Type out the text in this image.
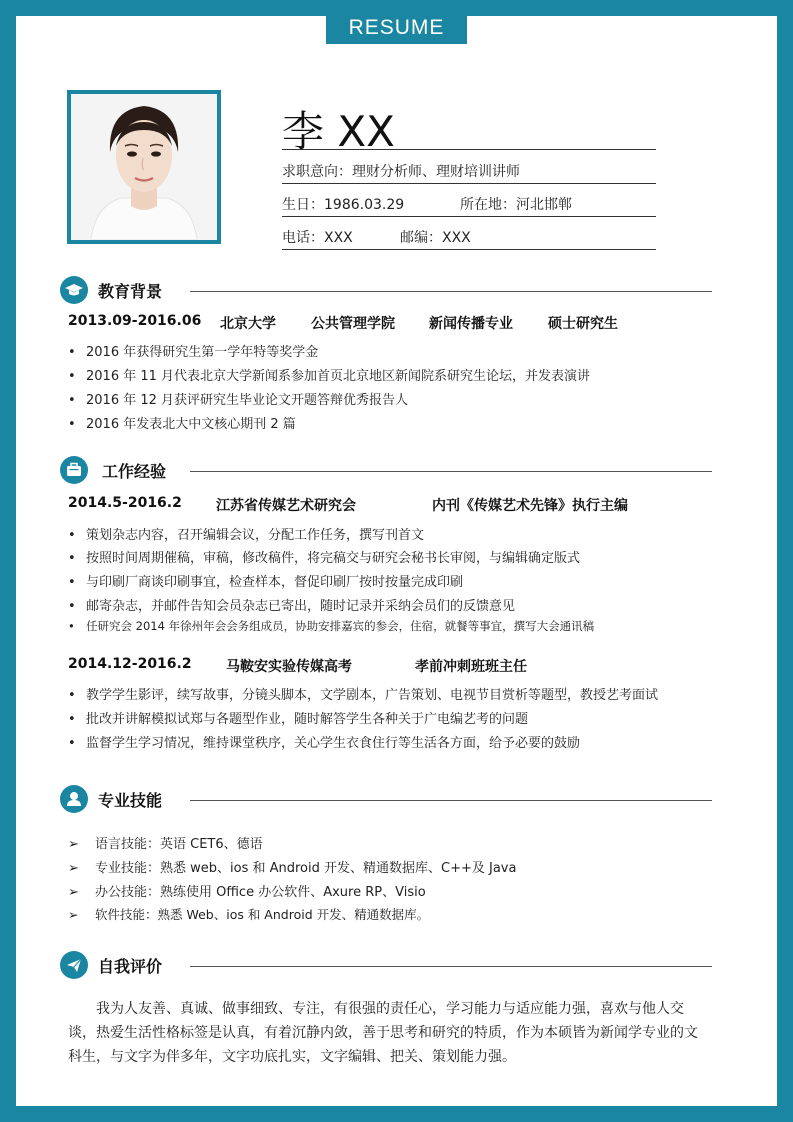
RESUME
李 XX
求职意向：理财分析师、理财培训讲师
生日：1986.03.29	所在地：河北邯郸
电话：XXX	邮编：XXX
教育背景
2013.09-2016.06 北京大学	公共管理学院 新闻传播专业	硕士研究生
• 2016 年获得研究生第一学年特等奖学金
• 2016 年 11 月代表北京大学新闻系参加首页北京地区新闻院系研究生论坛，并发表演讲
• 2016 年 12 月获评研究生毕业论文开题答辩优秀报告人
• 2016 年发表北大中文核心期刊 2 篇
工作经验
2014.5-2016.2 江苏省传媒艺术研究会	内刊《传媒艺术先锋》执行主编
• 策划杂志内容，召开编辑会议，分配工作任务，撰写刊首文
• 按照时间周期催稿，审稿，修改稿件，将完稿交与研究会秘书长审阅，与编辑确定版式
• 与印刷厂商谈印刷事宜，检查样本，督促印刷厂按时按量完成印刷
• 邮寄杂志，并邮件告知会员杂志已寄出，随时记录并采纳会员们的反馈意见
• 任研究会 2014 年徐州年会会务组成员，协助安排嘉宾的参会，住宿，就餐等事宜，撰写大会通讯稿
2014.12-2016.2 马鞍安实验传媒高考	孝前冲刺班班主任
• 教学学生影评，续写故事，分镜头脚本，文学剧本，广告策划、电视节目赏析等题型，教授艺考面试
• 批改并讲解模拟试郑与各题型作业，随时解答学生各种关于广电编艺考的问题
• 监督学生学习情况，维持课堂秩序，关心学生衣食住行等生活各方面，给予必要的鼓励
专业技能
➢ 语言技能：英语 CET6、德语
➢ 专业技能：熟悉 web、ios 和 Android 开发、精通数据库、C++及 Java
➢ 办公技能：熟练使用 Office 办公软件、Axure RP、Visio
➢ 软件技能：熟悉 Web、ios 和 Android 开发、精通数据库。
自我评价
我为人友善、真诚、做事细致、专注，有很强的责任心，学习能力与适应能力强，喜欢与他人交谈，热爱生活性格标签是认真，有着沉静内敛，善于思考和研究的特质，作为本硕皆为新闻学专业的文科生，与文字为伴多年，文字功底扎实，文字编辑、把关、策划能力强。
